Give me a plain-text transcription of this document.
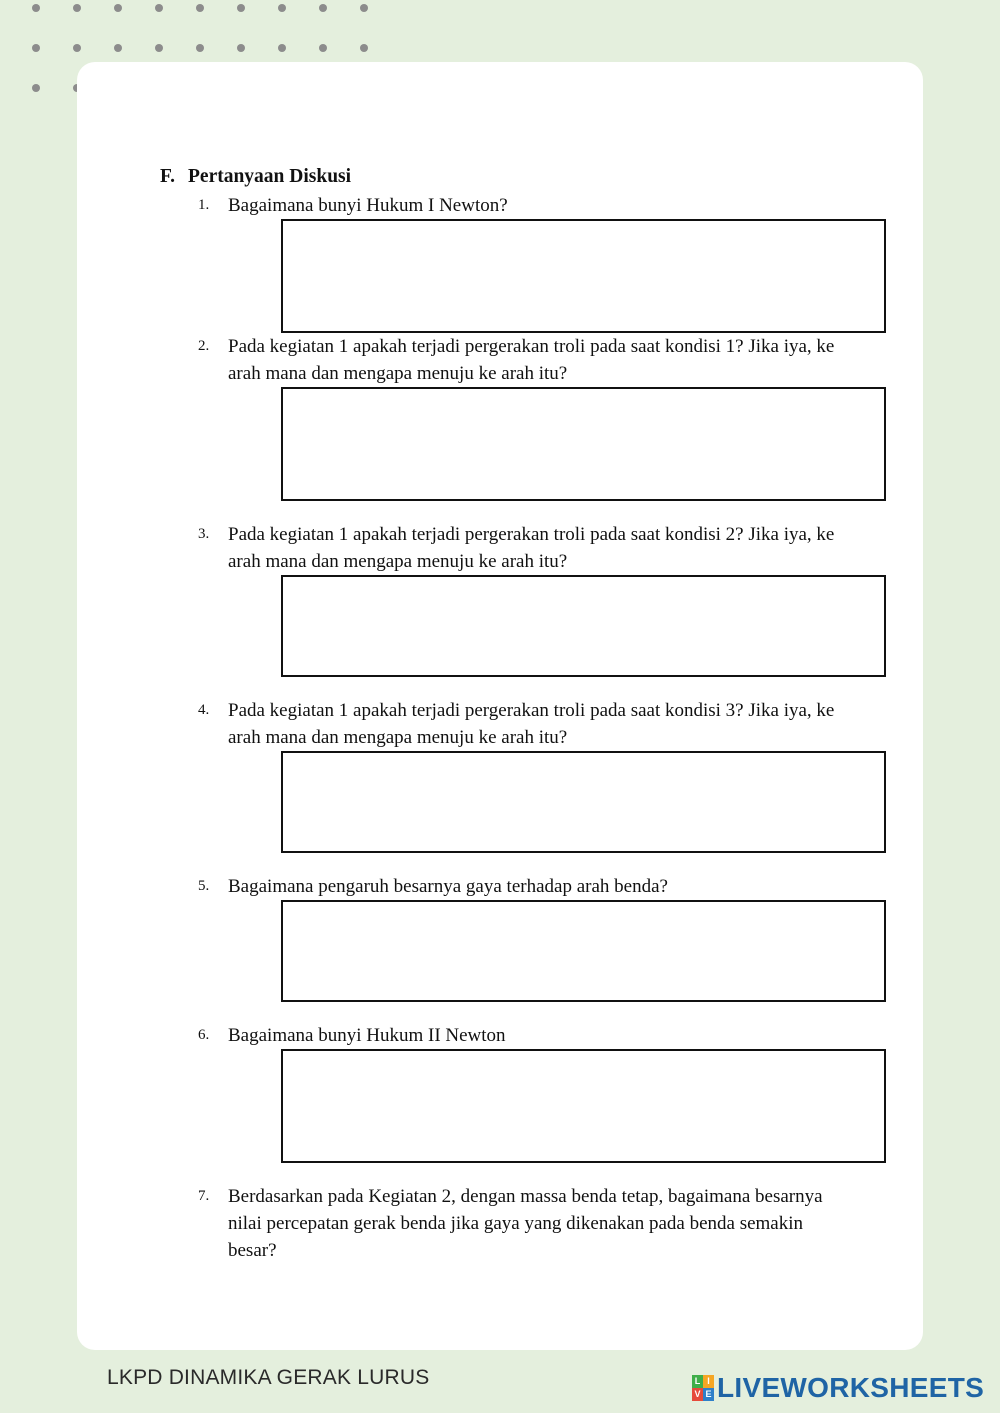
F. Pertanyaan Diskusi
1. Bagaimana bunyi Hukum I Newton?
2. Pada kegiatan 1 apakah terjadi pergerakan troli pada saat kondisi 1? Jika iya, ke arah mana dan mengapa menuju ke arah itu?
3. Pada kegiatan 1 apakah terjadi pergerakan troli pada saat kondisi 2? Jika iya, ke arah mana dan mengapa menuju ke arah itu?
4. Pada kegiatan 1 apakah terjadi pergerakan troli pada saat kondisi 3? Jika iya, ke arah mana dan mengapa menuju ke arah itu?
5. Bagaimana pengaruh besarnya gaya terhadap arah benda?
6. Bagaimana bunyi Hukum II Newton
7. Berdasarkan pada Kegiatan 2, dengan massa benda tetap, bagaimana besarnya nilai percepatan gerak benda jika gaya yang dikenakan pada benda semakin besar?
LKPD DINAMIKA GERAK LURUS	L I
V E LIVEWORKSHEETS
